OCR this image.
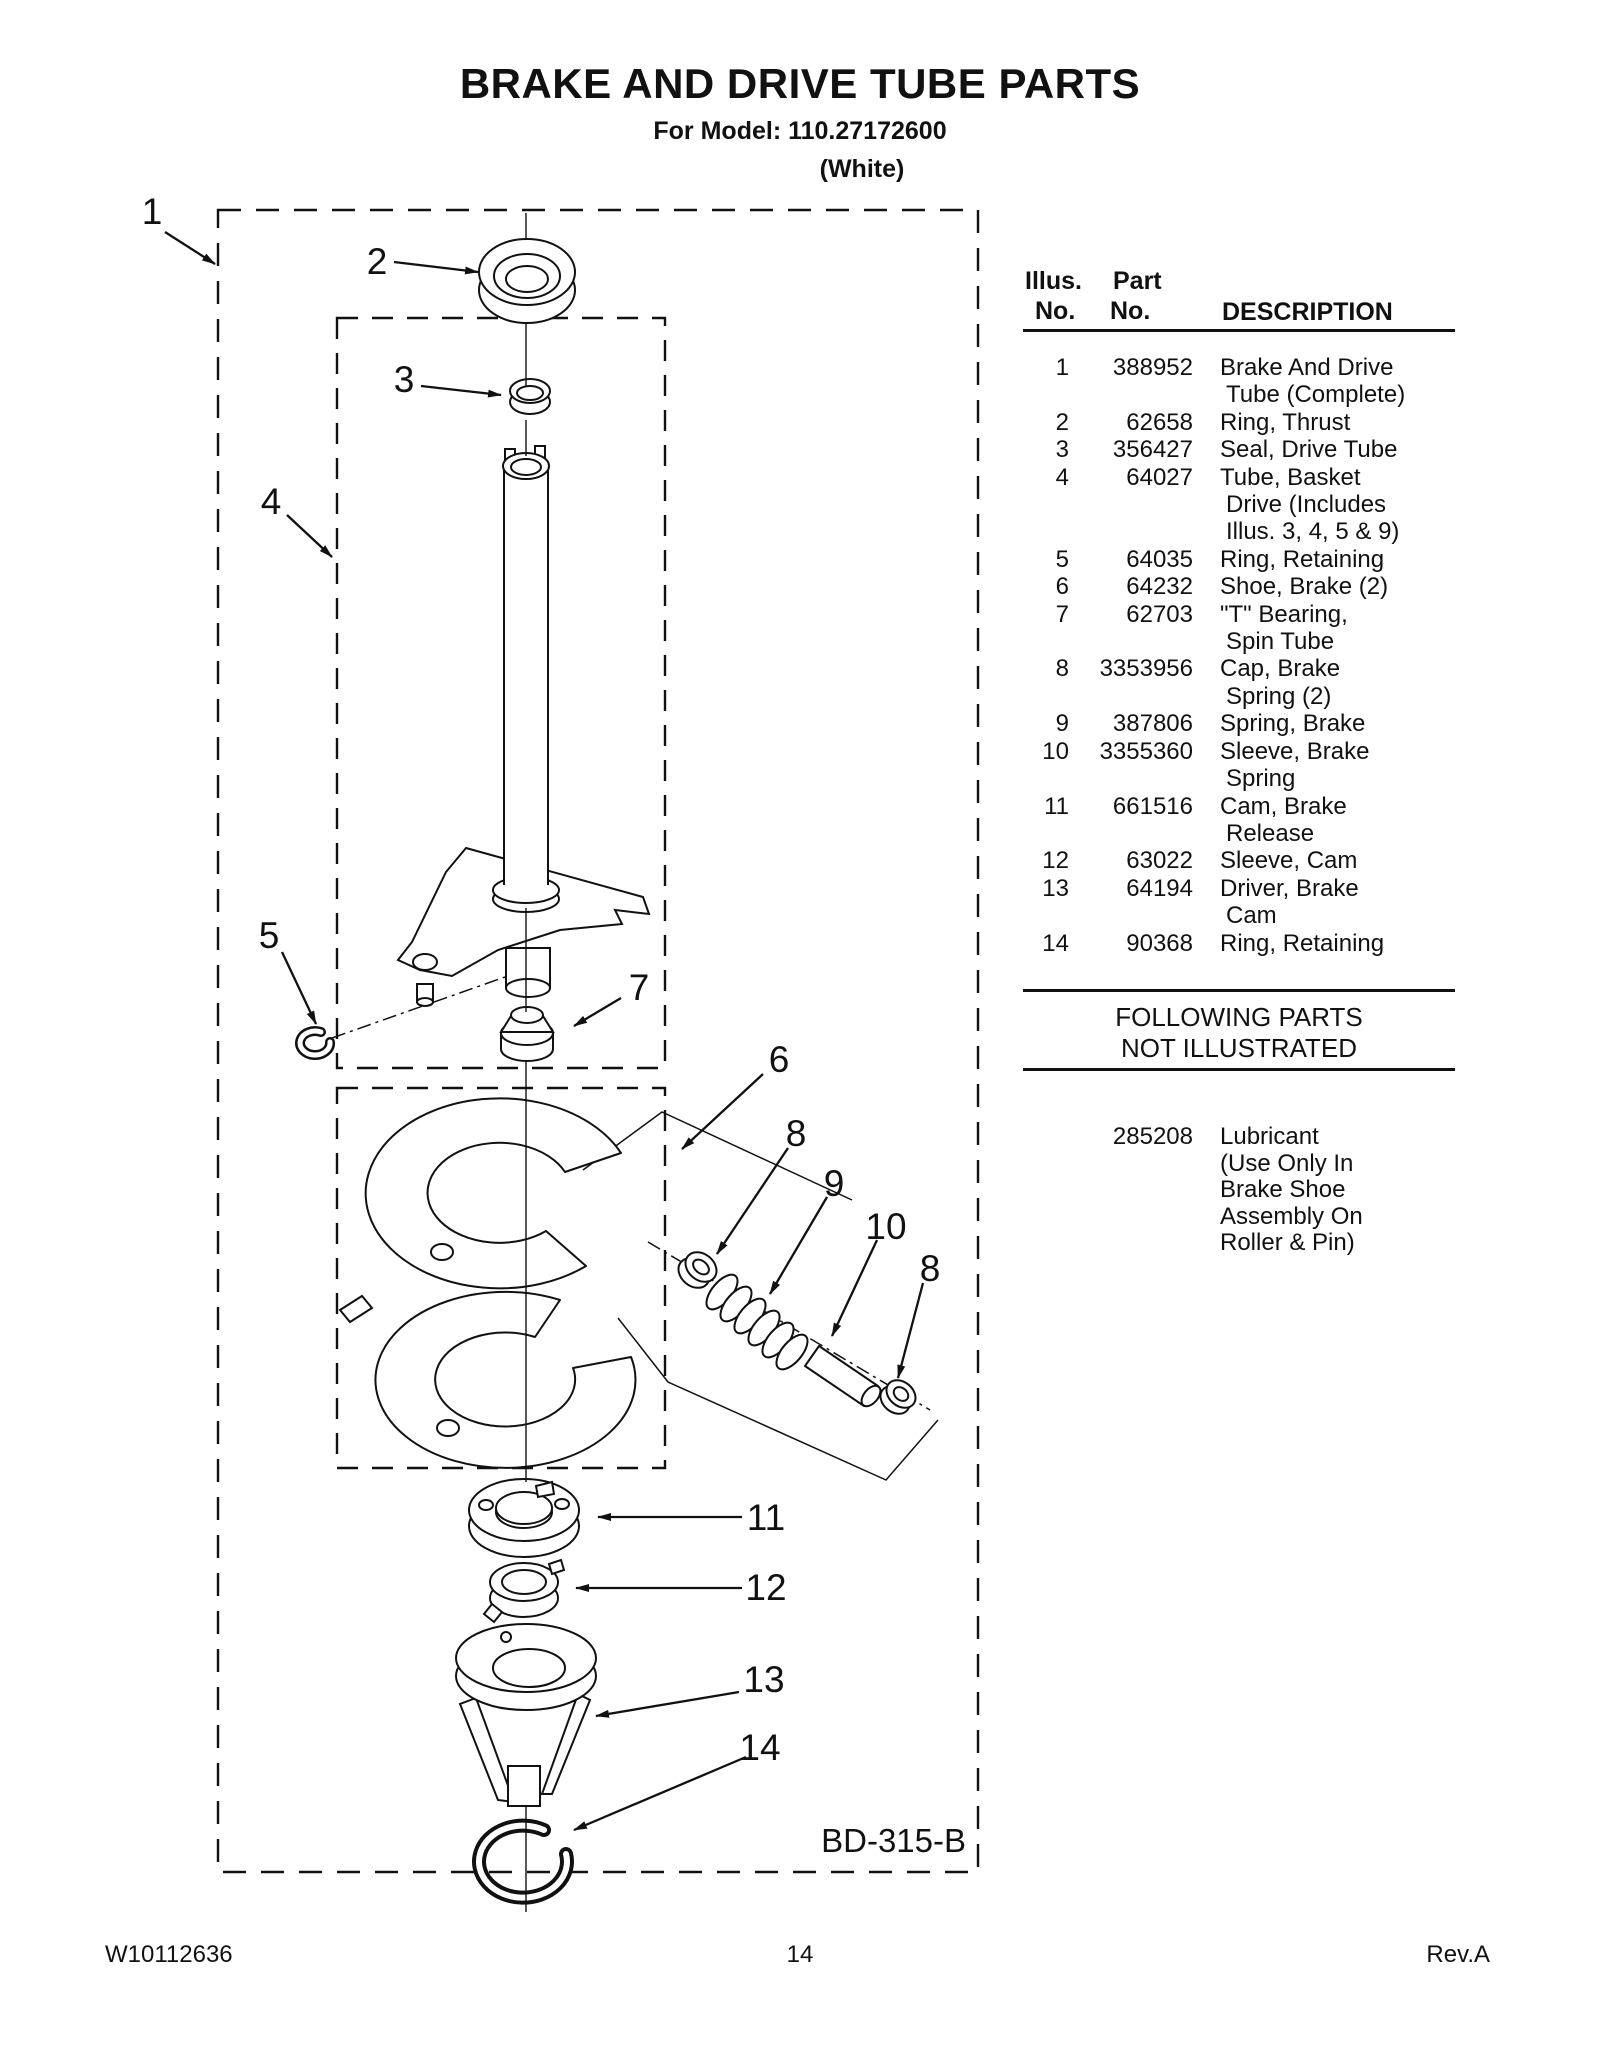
1
2
3
4
5
7
6
8
9
10
8
11
12
13
14
BD-315-B
BRAKE AND DRIVE TUBE PARTS
For Model: 110.27172600
(White)
Illus. Part
No. No.	DESCRIPTION
1	388952	Brake And Drive
Tube (Complete)
2	62658	Ring, Thrust
3	356427	Seal, Drive Tube
4	64027	Tube, Basket
Drive (Includes
Illus. 3, 4, 5 & 9)
5	64035	Ring, Retaining
6	64232	Shoe, Brake (2)
7	62703	"T" Bearing,
Spin Tube
8	3353956	Cap, Brake
Spring (2)
9	387806	Spring, Brake
10	3355360	Sleeve, Brake
Spring
11	661516	Cam, Brake
Release
12	63022	Sleeve, Cam
13	64194	Driver, Brake
Cam
14	90368	Ring, Retaining
FOLLOWING PARTS
NOT ILLUSTRATED
285208	Lubricant
(Use Only In
Brake Shoe
Assembly On
Roller & Pin)
W10112636	14	Rev.A
